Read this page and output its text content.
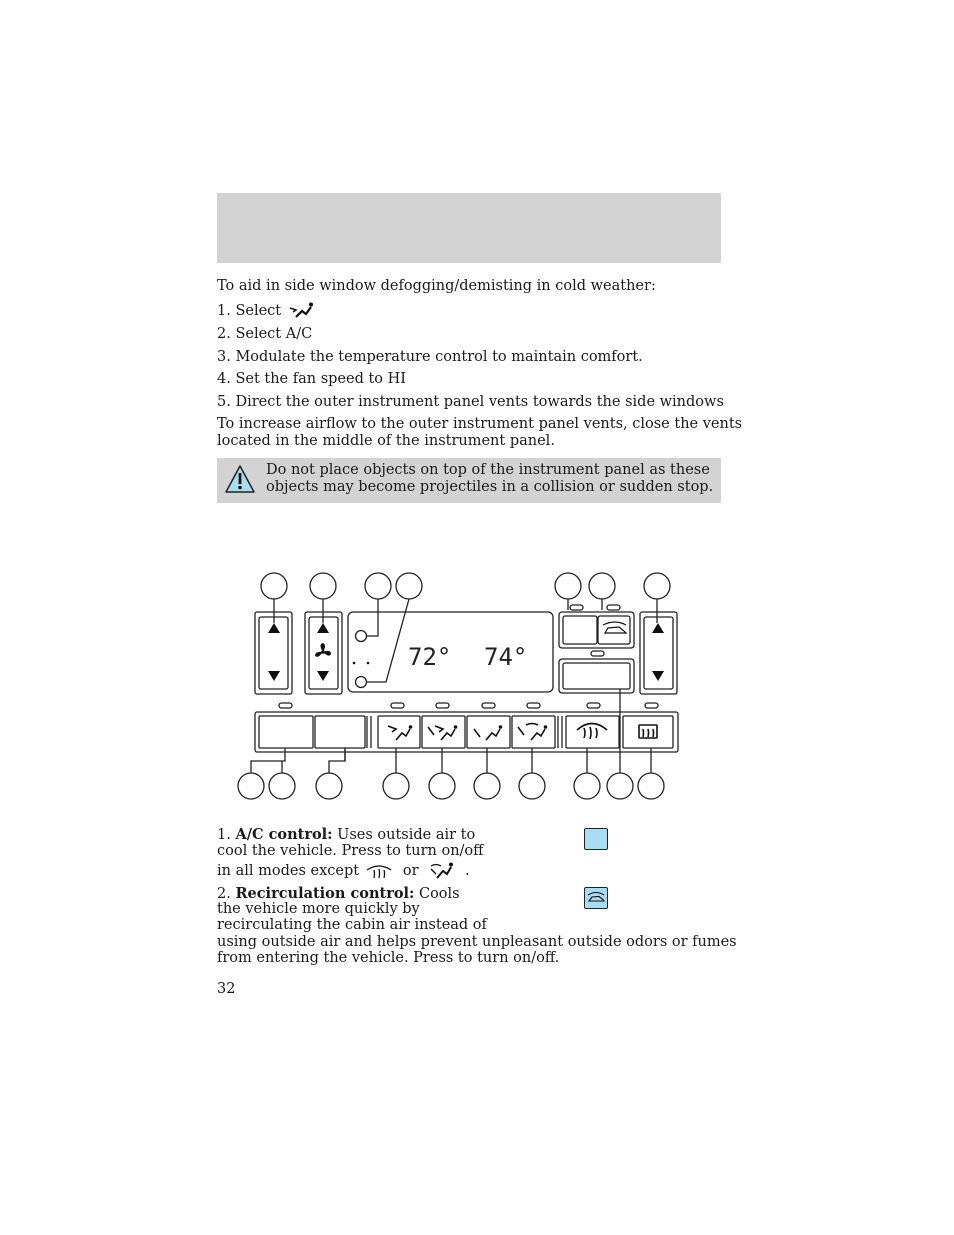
To aid in side window defogging/demisting in cold weather:
1. Select
2. Select A/C
3. Modulate the temperature control to maintain comfort.
4. Set the fan speed to HI
5. Direct the outer instrument panel vents towards the side windows
To increase airflow to the outer instrument panel vents, close the vents
located in the middle of the instrument panel.
Do not place objects on top of the instrument panel as these
objects may become projectiles in a collision or sudden stop.
72° 74°
1. A/C control: Uses outside air to
cool the vehicle. Press to turn on/off
in all modes except	or	.
2. Recirculation control: Cools
the vehicle more quickly by
recirculating the cabin air instead of
using outside air and helps prevent unpleasant outside odors or fumes
from entering the vehicle. Press to turn on/off.
32
